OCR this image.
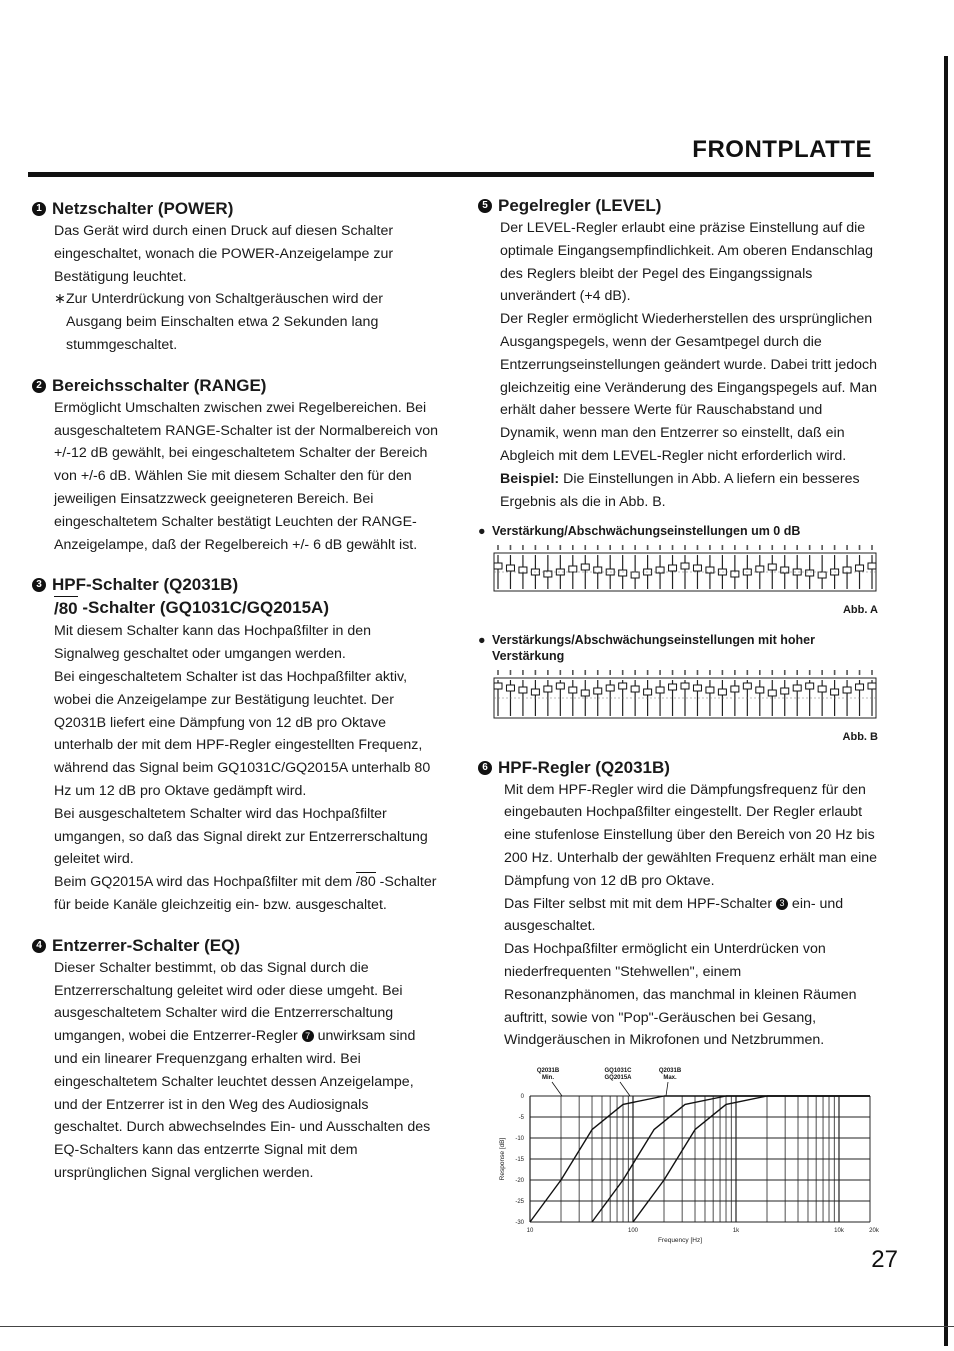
FRONTPLATTE
1 Netzschalter (POWER)

Das Gerät wird durch einen Druck auf diesen Schalter eingeschaltet, wonach die POWER-Anzeigelampe zur Bestätigung leuchtet.

∗ Zur Unterdrückung von Schaltgeräuschen wird der Ausgang beim Einschalten etwa 2 Sekunden lang stummgeschaltet.
2 Bereichsschalter (RANGE)

Ermöglicht Umschalten zwischen zwei Regelbereichen. Bei ausgeschaltetem RANGE-Schalter ist der Normalbereich von +/-12 dB gewählt, bei eingeschaltetem Schalter der Bereich von +/-6 dB. Wählen Sie mit diesem Schalter den für den jeweiligen Einsatzzweck geeigneteren Bereich. Bei eingeschaltetem Schalter bestätigt Leuchten der RANGE-Anzeigelampe, daß der Regelbereich +/- 6 dB gewählt ist.

3 HPF-Schalter (Q2031B)
/80
-Schalter (GQ1031C/GQ2015A)

Mit diesem Schalter kann das Hochpaßfilter in den Signalweg geschaltet oder umgangen werden.

Bei eingeschaltetem Schalter ist das Hochpaßfilter aktiv, wobei die Anzeigelampe zur Bestätigung leuchtet. Der Q2031B liefert eine Dämpfung von 12 dB pro Oktave unterhalb der mit dem HPF-Regler eingestellten Frequenz, während das Signal beim GQ1031C/GQ2015A unterhalb 80 Hz um 12 dB pro Oktave gedämpft wird.

Bei ausgeschaltetem Schalter wird das Hochpaßfilter umgangen, so daß das Signal direkt zur Entzerrerschaltung geleitet wird.

Beim GQ2015A wird das Hochpaßfilter mit dem /80 -Schalter für beide Kanäle gleichzeitig ein- bzw. ausgeschaltet.

4 Entzerrer-Schalter (EQ)

Dieser Schalter bestimmt, ob das Signal durch die Entzerrerschaltung geleitet wird oder diese umgeht. Bei ausgeschaltetem Schalter wird die Entzerrerschaltung umgangen, wobei die Entzerrer-Regler 7 unwirksam sind und ein linearer Frequenzgang erhalten wird. Bei eingeschaltetem Schalter leuchtet dessen Anzeigelampe, und der Entzerrer ist in den Weg des Audiosignals geschaltet. Durch abwechselndes Ein- und Ausschalten des EQ-Schalters kann das entzerrte Signal mit dem ursprünglichen Signal verglichen werden.

5 Pegelregler (LEVEL)

Der LEVEL-Regler erlaubt eine präzise Einstellung auf die optimale Eingangsempfindlichkeit. Am oberen Endanschlag des Reglers bleibt der Pegel des Eingangssignals unverändert (+4 dB).

Der Regler ermöglicht Wiederherstellen des ursprünglichen Ausgangspegels, wenn der Gesamtpegel durch die Entzerrungseinstellungen geändert wurde. Dabei tritt jedoch gleichzeitig eine Veränderung des Eingangspegels auf. Man erhält daher bessere Werte für Rauschabstand und Dynamik, wenn man den Entzerrer so einstellt, daß ein Abgleich mit dem LEVEL-Regler nicht erforderlich wird.

Beispiel: Die Einstellungen in Abb. A liefern ein besseres Ergebnis als die in Abb. B.

● Verstärkung/Abschwächungseinstellungen um 0 dB
Abb. A
● Verstärkungs/Abschwächungseinstellungen mit hoher Verstärkung
Abb. B
6 HPF-Regler (Q2031B)

Mit dem HPF-Regler wird die Dämpfungsfrequenz für den eingebauten Hochpaßfilter eingestellt. Der Regler erlaubt eine stufenlose Einstellung über den Bereich von 20 Hz bis 200 Hz. Unterhalb der gewählten Frequenz erhält man eine Dämpfung von 12 dB pro Oktave.

Das Filter selbst mit mit dem HPF-Schalter 3 ein- und ausgeschaltet.

Das Hochpaßfilter ermöglicht ein Unterdrücken von niederfrequenten "Stehwellen", einem Resonanzphänomen, das manchmal in kleinen Räumen auftritt, sowie von "Pop"-Geräuschen bei Gesang, Windgeräuschen in Mikrofonen und Netzbrummen.

0
-5
-10
-15
-20
-25
-30
10	100	1k	10k	20k
Frequency [Hz]
Response [dB]
Q2031B
Min.
GQ1031C
GQ2015A
Q2031B
Max.
27
